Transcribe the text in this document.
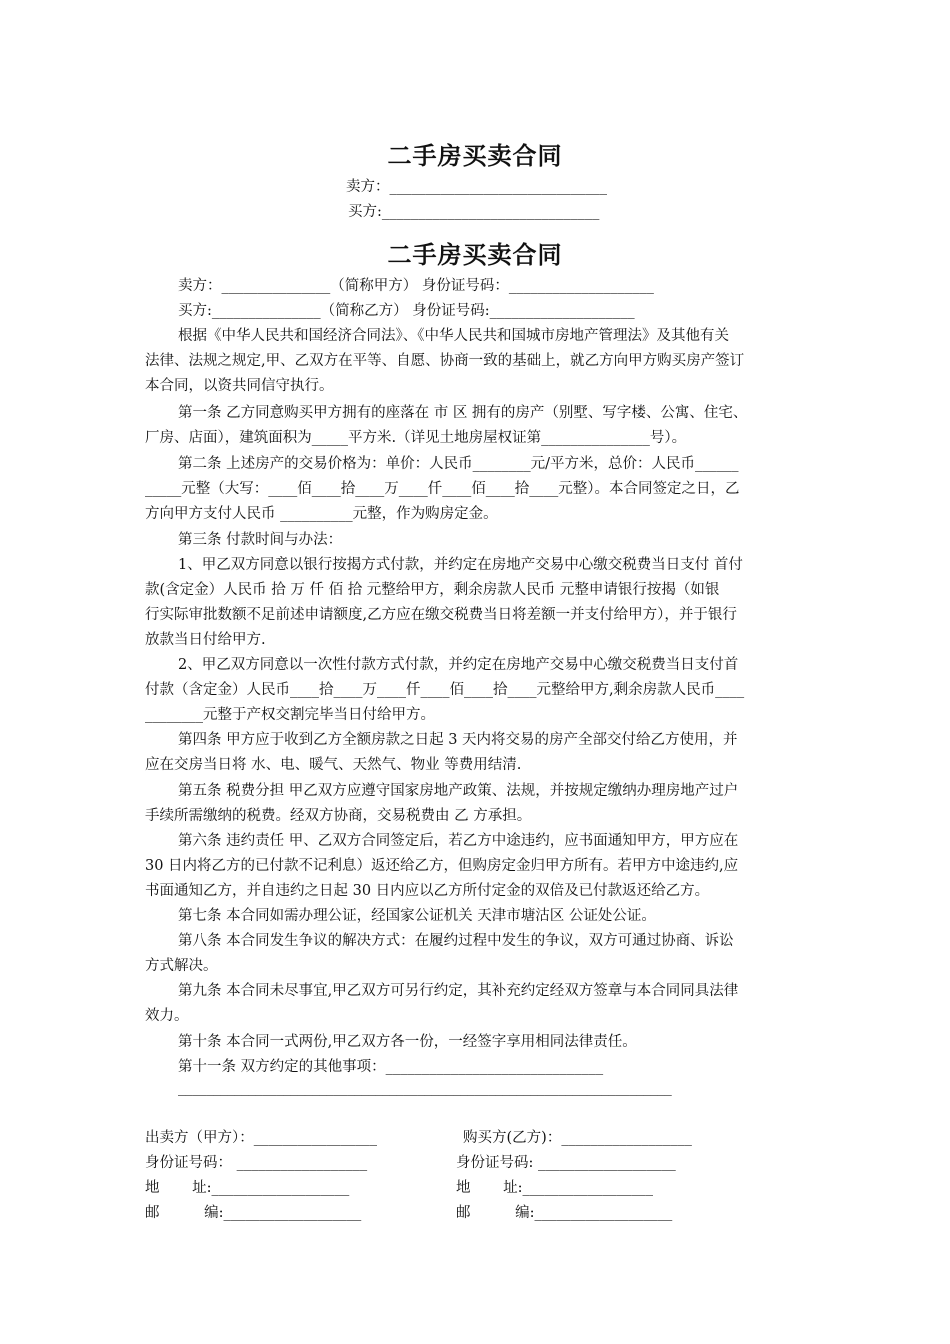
二手房买卖合同
卖方：______________________________
买方:______________________________
二手房买卖合同
卖方：_______________（简称甲方） 身份证号码：____________________
买方:_______________（简称乙方） 身份证号码:____________________
根据《中华人民共和国经济合同法》、《中华人民共和国城市房地产管理法》及其他有关
法律、法规之规定,甲、乙双方在平等、自愿、协商一致的基础上，就乙方向甲方购买房产签订
本合同，以资共同信守执行。
第一条 乙方同意购买甲方拥有的座落在 市 区 拥有的房产（别墅、写字楼、公寓、住宅、
厂房、店面），建筑面积为_____平方米.（详见土地房屋权证第_______________号）。
第二条 上述房产的交易价格为：单价：人民币________元/平方米，总价：人民币______
_____元整（大写：____佰____拾____万____仟____佰____拾____元整）。本合同签定之日，乙
方向甲方支付人民币 __________元整，作为购房定金。
第三条 付款时间与办法：
1、甲乙双方同意以银行按揭方式付款，并约定在房地产交易中心缴交税费当日支付 首付
款(含定金）人民币 拾 万 仟 佰 拾 元整给甲方，剩余房款人民币 元整申请银行按揭（如银
行实际审批数额不足前述申请额度,乙方应在缴交税费当日将差额一并支付给甲方），并于银行
放款当日付给甲方.
2、甲乙双方同意以一次性付款方式付款，并约定在房地产交易中心缴交税费当日支付首
付款（含定金）人民币____拾____万____仟____佰____拾____元整给甲方,剩余房款人民币____
________元整于产权交割完毕当日付给甲方。
第四条 甲方应于收到乙方全额房款之日起 3 天内将交易的房产全部交付给乙方使用，并
应在交房当日将 水、电、暖气、天然气、物业 等费用结清.
第五条 税费分担 甲乙双方应遵守国家房地产政策、法规，并按规定缴纳办理房地产过户
手续所需缴纳的税费。经双方协商，交易税费由 乙 方承担。
第六条 违约责任 甲、乙双方合同签定后，若乙方中途违约，应书面通知甲方，甲方应在
30 日内将乙方的已付款不记利息）返还给乙方，但购房定金归甲方所有。若甲方中途违约,应
书面通知乙方，并自违约之日起 30 日内应以乙方所付定金的双倍及已付款返还给乙方。
第七条 本合同如需办理公证，经国家公证机关 天津市塘沽区 公证处公证。
第八条 本合同发生争议的解决方式：在履约过程中发生的争议，双方可通过协商、诉讼
方式解决。
第九条 本合同未尽事宜,甲乙双方可另行约定，其补充约定经双方签章与本合同同具法律
效力。
第十条 本合同一式两份,甲乙双方各一份，一经签字享用相同法律责任。
第十一条 双方约定的其他事项：______________________________
______________________________________________________________________
出卖方（甲方）：_________________
身份证号码： __________________
地 址:___________________
邮 编:___________________
购买方(乙方)：__________________
身份证号码: ___________________
地 址:__________________
邮 编:___________________
